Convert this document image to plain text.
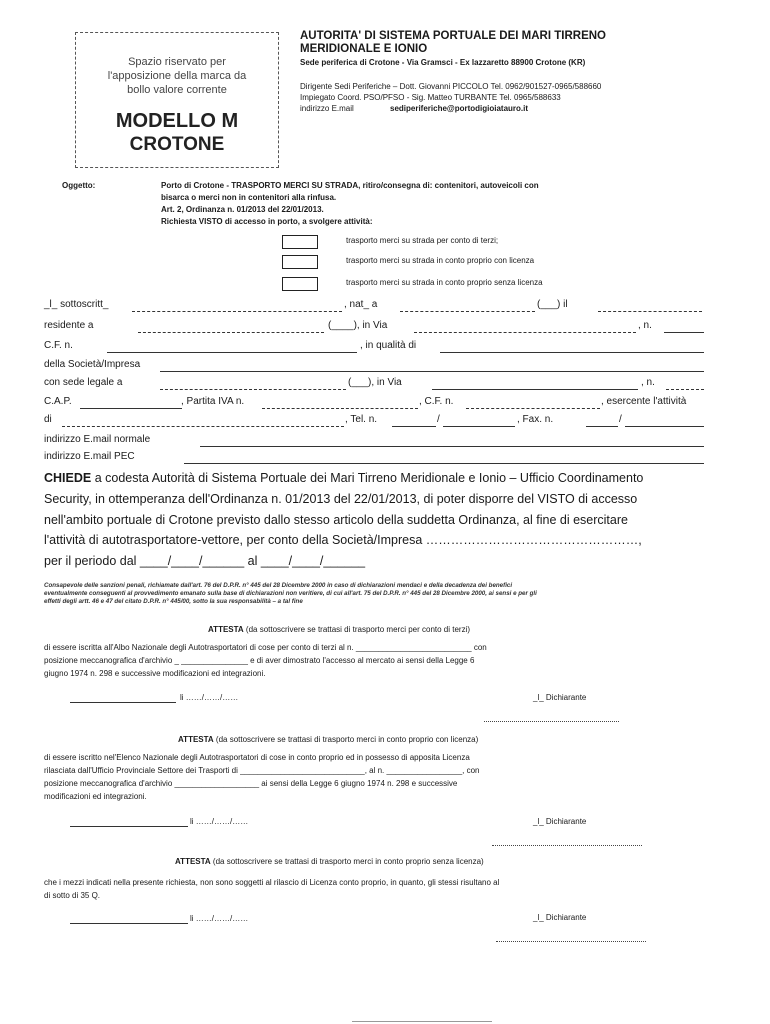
Spazio riservato per
l'apposizione della marca da
bollo valore corrente
MODELLO M
CROTONE
AUTORITA' DI SISTEMA PORTUALE DEI MARI TIRRENO
MERIDIONALE E IONIO
Sede periferica di Crotone - Via Gramsci - Ex lazzaretto 88900 Crotone (KR)
Dirigente Sedi Periferiche – Dott. Giovanni PICCOLO Tel. 0962/901527-0965/588660
Impiegato Coord. PSO/PFSO - Sig. Matteo TURBANTE Tel. 0965/588633
indirizzo E.mail	sediperiferiche@portodigioiatauro.it
Oggetto:	Porto di Crotone - TRASPORTO MERCI SU STRADA, ritiro/consegna di: contenitori, autoveicoli con
bisarca o merci non in contenitori alla rinfusa.
Art. 2, Ordinanza n. 01/2013 del 22/01/2013.
Richiesta VISTO di accesso in porto, a svolgere attività:
trasporto merci su strada per conto di terzi;
trasporto merci su strada in conto proprio con licenza
trasporto merci su strada in conto proprio senza licenza
_l_ sottoscritt_	, nat_ a	(___) il
residente a	(____), in Via	, n.
C.F. n.	, in qualità di
della Società/Impresa
con sede legale a	(___), in Via	, n.
C.A.P.	, Partita IVA n.	, C.F. n.	, esercente l'attività
di	, Tel. n.	/	, Fax. n.	/
indirizzo E.mail normale
indirizzo E.mail PEC
CHIEDE a codesta Autorità di Sistema Portuale dei Mari Tirreno Meridionale e Ionio – Ufficio Coordinamento
Security, in ottemperanza dell'Ordinanza n. 01/2013 del 22/01/2013, di poter disporre del VISTO di accesso
nell'ambito portuale di Crotone previsto dallo stesso articolo della suddetta Ordinanza, al fine di esercitare
l'attività di autotrasportatore-vettore, per conto della Società/Impresa ……………………………………………,
per il periodo dal ____/____/______ al ____/____/______
Consapevole delle sanzioni penali, richiamate dall'art. 76 del D.P.R. n° 445 del 28 Dicembre 2000 in caso di dichiarazioni mendaci e della decadenza dei benefici
eventualmente conseguenti al provvedimento emanato sulla base di dichiarazioni non veritiere, di cui all'art. 75 del D.P.R. n° 445 del 28 Dicembre 2000, ai sensi e per gli
effetti degli artt. 46 e 47 del citato D.P.R. n° 445/00, sotto la sua responsabilità – a tal fine
ATTESTA (da sottoscrivere se trattasi di trasporto merci per conto di terzi)
di essere iscritta all'Albo Nazionale degli Autotrasportatori di cose per conto di terzi al n. __________________________ con
posizione meccanografica d'archivio _ _______________ e di aver dimostrato l'accesso al mercato ai sensi della Legge 6
giugno 1974 n. 298 e successive modificazioni ed integrazioni.
li ……/……/……	_l_ Dichiarante
ATTESTA (da sottoscrivere se trattasi di trasporto merci in conto proprio con licenza)
di essere iscritto nel'Elenco Nazionale degli Autotrasportatori di cose in conto proprio ed in possesso di apposita Licenza
rilasciata dall'Ufficio Provinciale Settore dei Trasporti di ____________________________, al n. _________________, con
posizione meccanografica d'archivio ___________________ ai sensi della Legge 6 giugno 1974 n. 298 e successive
modificazioni ed integrazioni.
li ……/……/……	_l_ Dichiarante
ATTESTA (da sottoscrivere se trattasi di trasporto merci in conto proprio senza licenza)
che i mezzi indicati nella presente richiesta, non sono soggetti al rilascio di Licenza conto proprio, in quanto, gli stessi risultano al
di sotto di 35 Q.
li ……/……/……	_l_ Dichiarante
